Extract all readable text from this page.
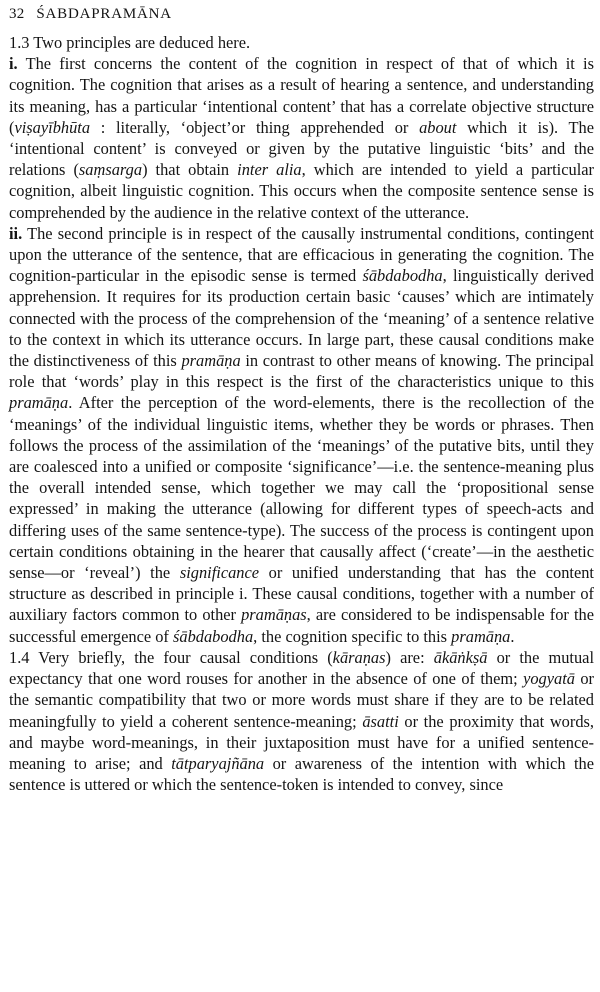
32 ŚABDAPRAMĀNA

1.3 Two principles are deduced here.

i. The first concerns the content of the cognition in respect of that of which it is cognition. The cognition that arises as a result of hearing a sentence, and understanding its meaning, has a particular ‘intentional content’ that has a correlate objective structure (viṣayībhūta : literally, ‘object’or thing apprehended or about which it is). The ‘intentional content’ is conveyed or given by the putative linguistic ‘bits’ and the relations (saṃsarga) that obtain inter alia, which are intended to yield a particular cognition, albeit linguistic cognition. This occurs when the composite sentence sense is comprehended by the audience in the relative context of the utterance.

ii. The second principle is in respect of the causally instrumental conditions, contingent upon the utterance of the sentence, that are efficacious in generating the cognition. The cognition-particular in the episodic sense is termed śābdabodha, linguistically derived apprehension. It requires for its production certain basic ‘causes’ which are intimately connected with the process of the comprehension of the ‘meaning’ of a sentence relative to the context in which its utterance occurs. In large part, these causal conditions make the distinctiveness of this pramāṇa in contrast to other means of knowing. The principal role that ‘words’ play in this respect is the first of the characteristics unique to this pramāṇa. After the perception of the word-elements, there is the recollection of the ‘meanings’ of the individual linguistic items, whether they be words or phrases. Then follows the process of the assimilation of the ‘meanings’ of the putative bits, until they are coalesced into a unified or composite ‘significance’—i.e. the sentence-meaning plus the overall intended sense, which together we may call the ‘propositional sense expressed’ in making the utterance (allowing for different types of speech-acts and differing uses of the same sentence-type). The success of the process is contingent upon certain conditions obtaining in the hearer that causally affect (‘create’—in the aesthetic sense—or ‘reveal’) the significance or unified understanding that has the content structure as described in principle i. These causal conditions, together with a number of auxiliary factors common to other pramāṇas, are considered to be indispensable for the successful emergence of śābdabodha, the cognition specific to this pramāṇa.

1.4 Very briefly, the four causal conditions (kāraṇas) are: ākāṅkṣā or the mutual expectancy that one word rouses for another in the absence of one of them; yogyatā or the semantic compatibility that two or more words must share if they are to be related meaningfully to yield a coherent sentence-meaning; āsatti or the proximity that words, and maybe word-meanings, in their juxtaposition must have for a unified sentence-meaning to arise; and tātparyajñāna or awareness of the intention with which the sentence is uttered or which the sentence-token is intended to convey, since
